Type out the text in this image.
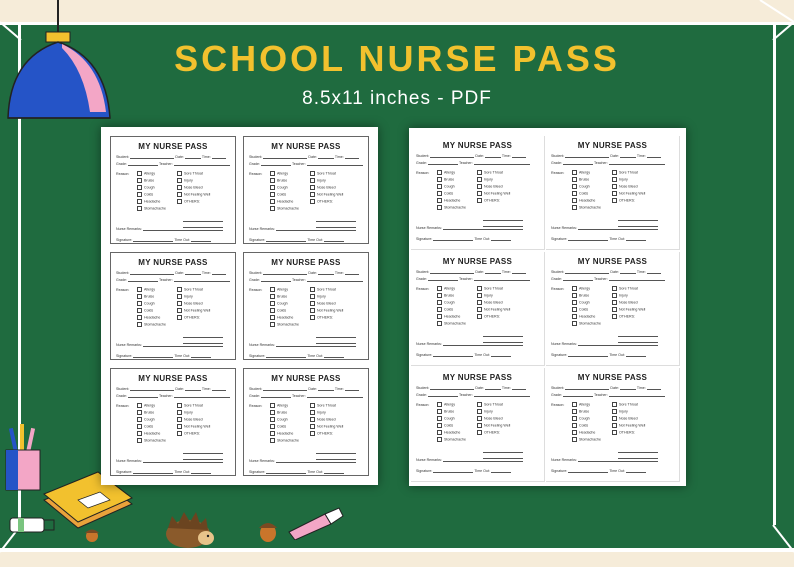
SCHOOL NURSE PASS
8.5x11 inches - PDF
MY NURSE PASS
Student:	Date:	Time:
Grade:	Teacher:
Reason:	Allergy
Bruise
Cough
Colds
Headache
Stomachache
Sore Throat
Injury
Nose Bleed
Not Feeling Well
OTHERS:
Nurse Remarks:
Signature:	Time Out:
MY NURSE PASS
Student:	Date:	Time:
Grade:	Teacher:
Reason:	Allergy
Bruise
Cough
Colds
Headache
Stomachache
Sore Throat
Injury
Nose Bleed
Not Feeling Well
OTHERS:
Nurse Remarks:
Signature:	Time Out:
MY NURSE PASS
Student:	Date:	Time:
Grade:	Teacher:
Reason:	Allergy
Bruise
Cough
Colds
Headache
Stomachache
Sore Throat
Injury
Nose Bleed
Not Feeling Well
OTHERS:
Nurse Remarks:
Signature:	Time Out:
MY NURSE PASS
Student:	Date:	Time:
Grade:	Teacher:
Reason:	Allergy
Bruise
Cough
Colds
Headache
Stomachache
Sore Throat
Injury
Nose Bleed
Not Feeling Well
OTHERS:
Nurse Remarks:
Signature:	Time Out:
MY NURSE PASS
Student:	Date:	Time:
Grade:	Teacher:
Reason:	Allergy
Bruise
Cough
Colds
Headache
Stomachache
Sore Throat
Injury
Nose Bleed
Not Feeling Well
OTHERS:
Nurse Remarks:
Signature:	Time Out:
MY NURSE PASS
Student:	Date:	Time:
Grade:	Teacher:
Reason:	Allergy
Bruise
Cough
Colds
Headache
Stomachache
Sore Throat
Injury
Nose Bleed
Not Feeling Well
OTHERS:
Nurse Remarks:
Signature:	Time Out:
MY NURSE PASS
Student:	Date:	Time:
Grade:	Teacher:
Reason:	Allergy
Bruise
Cough
Colds
Headache
Stomachache
Sore Throat
Injury
Nose Bleed
Not Feeling Well
OTHERS:
Nurse Remarks:
Signature:	Time Out:
MY NURSE PASS
Student:	Date:	Time:
Grade:	Teacher:
Reason:	Allergy
Bruise
Cough
Colds
Headache
Stomachache
Sore Throat
Injury
Nose Bleed
Not Feeling Well
OTHERS:
Nurse Remarks:
Signature:	Time Out:
MY NURSE PASS
Student:	Date:	Time:
Grade:	Teacher:
Reason:	Allergy
Bruise
Cough
Colds
Headache
Stomachache
Sore Throat
Injury
Nose Bleed
Not Feeling Well
OTHERS:
Nurse Remarks:
Signature:	Time Out:
MY NURSE PASS
Student:	Date:	Time:
Grade:	Teacher:
Reason:	Allergy
Bruise
Cough
Colds
Headache
Stomachache
Sore Throat
Injury
Nose Bleed
Not Feeling Well
OTHERS:
Nurse Remarks:
Signature:	Time Out:
MY NURSE PASS
Student:	Date:	Time:
Grade:	Teacher:
Reason:	Allergy
Bruise
Cough
Colds
Headache
Stomachache
Sore Throat
Injury
Nose Bleed
Not Feeling Well
OTHERS:
Nurse Remarks:
Signature:	Time Out:
MY NURSE PASS
Student:	Date:	Time:
Grade:	Teacher:
Reason:	Allergy
Bruise
Cough
Colds
Headache
Stomachache
Sore Throat
Injury
Nose Bleed
Not Feeling Well
OTHERS:
Nurse Remarks:
Signature:	Time Out:
